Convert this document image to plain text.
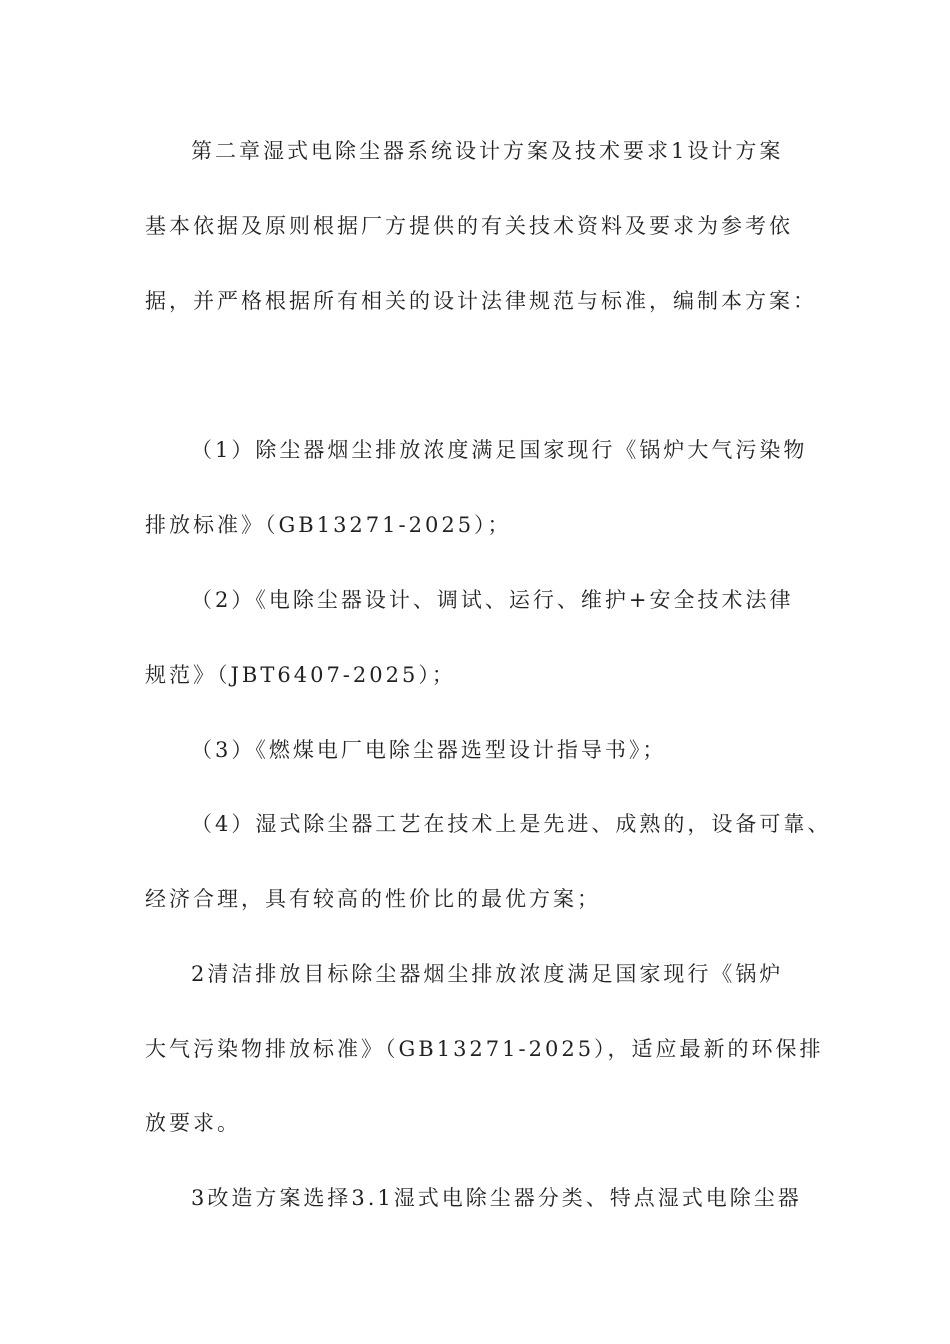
第二章湿式电除尘器系统设计方案及技术要求1设计方案
基本依据及原则根据厂方提供的有关技术资料及要求为参考依
据，并严格根据所有相关的设计法律规范与标准，编制本方案：
（1）除尘器烟尘排放浓度满足国家现行《锅炉大气污染物
排放标准》（GB13271-2025）；
（2）《电除尘器设计、调试、运行、维护+安全技术法律
规范》（JBT6407-2025）；
（3）《燃煤电厂电除尘器选型设计指导书》；
（4）湿式除尘器工艺在技术上是先进、成熟的，设备可靠、
经济合理，具有较高的性价比的最优方案；
2清洁排放目标除尘器烟尘排放浓度满足国家现行《锅炉
大气污染物排放标准》（GB13271-2025），适应最新的环保排
放要求。
3改造方案选择3.1湿式电除尘器分类、特点湿式电除尘器
